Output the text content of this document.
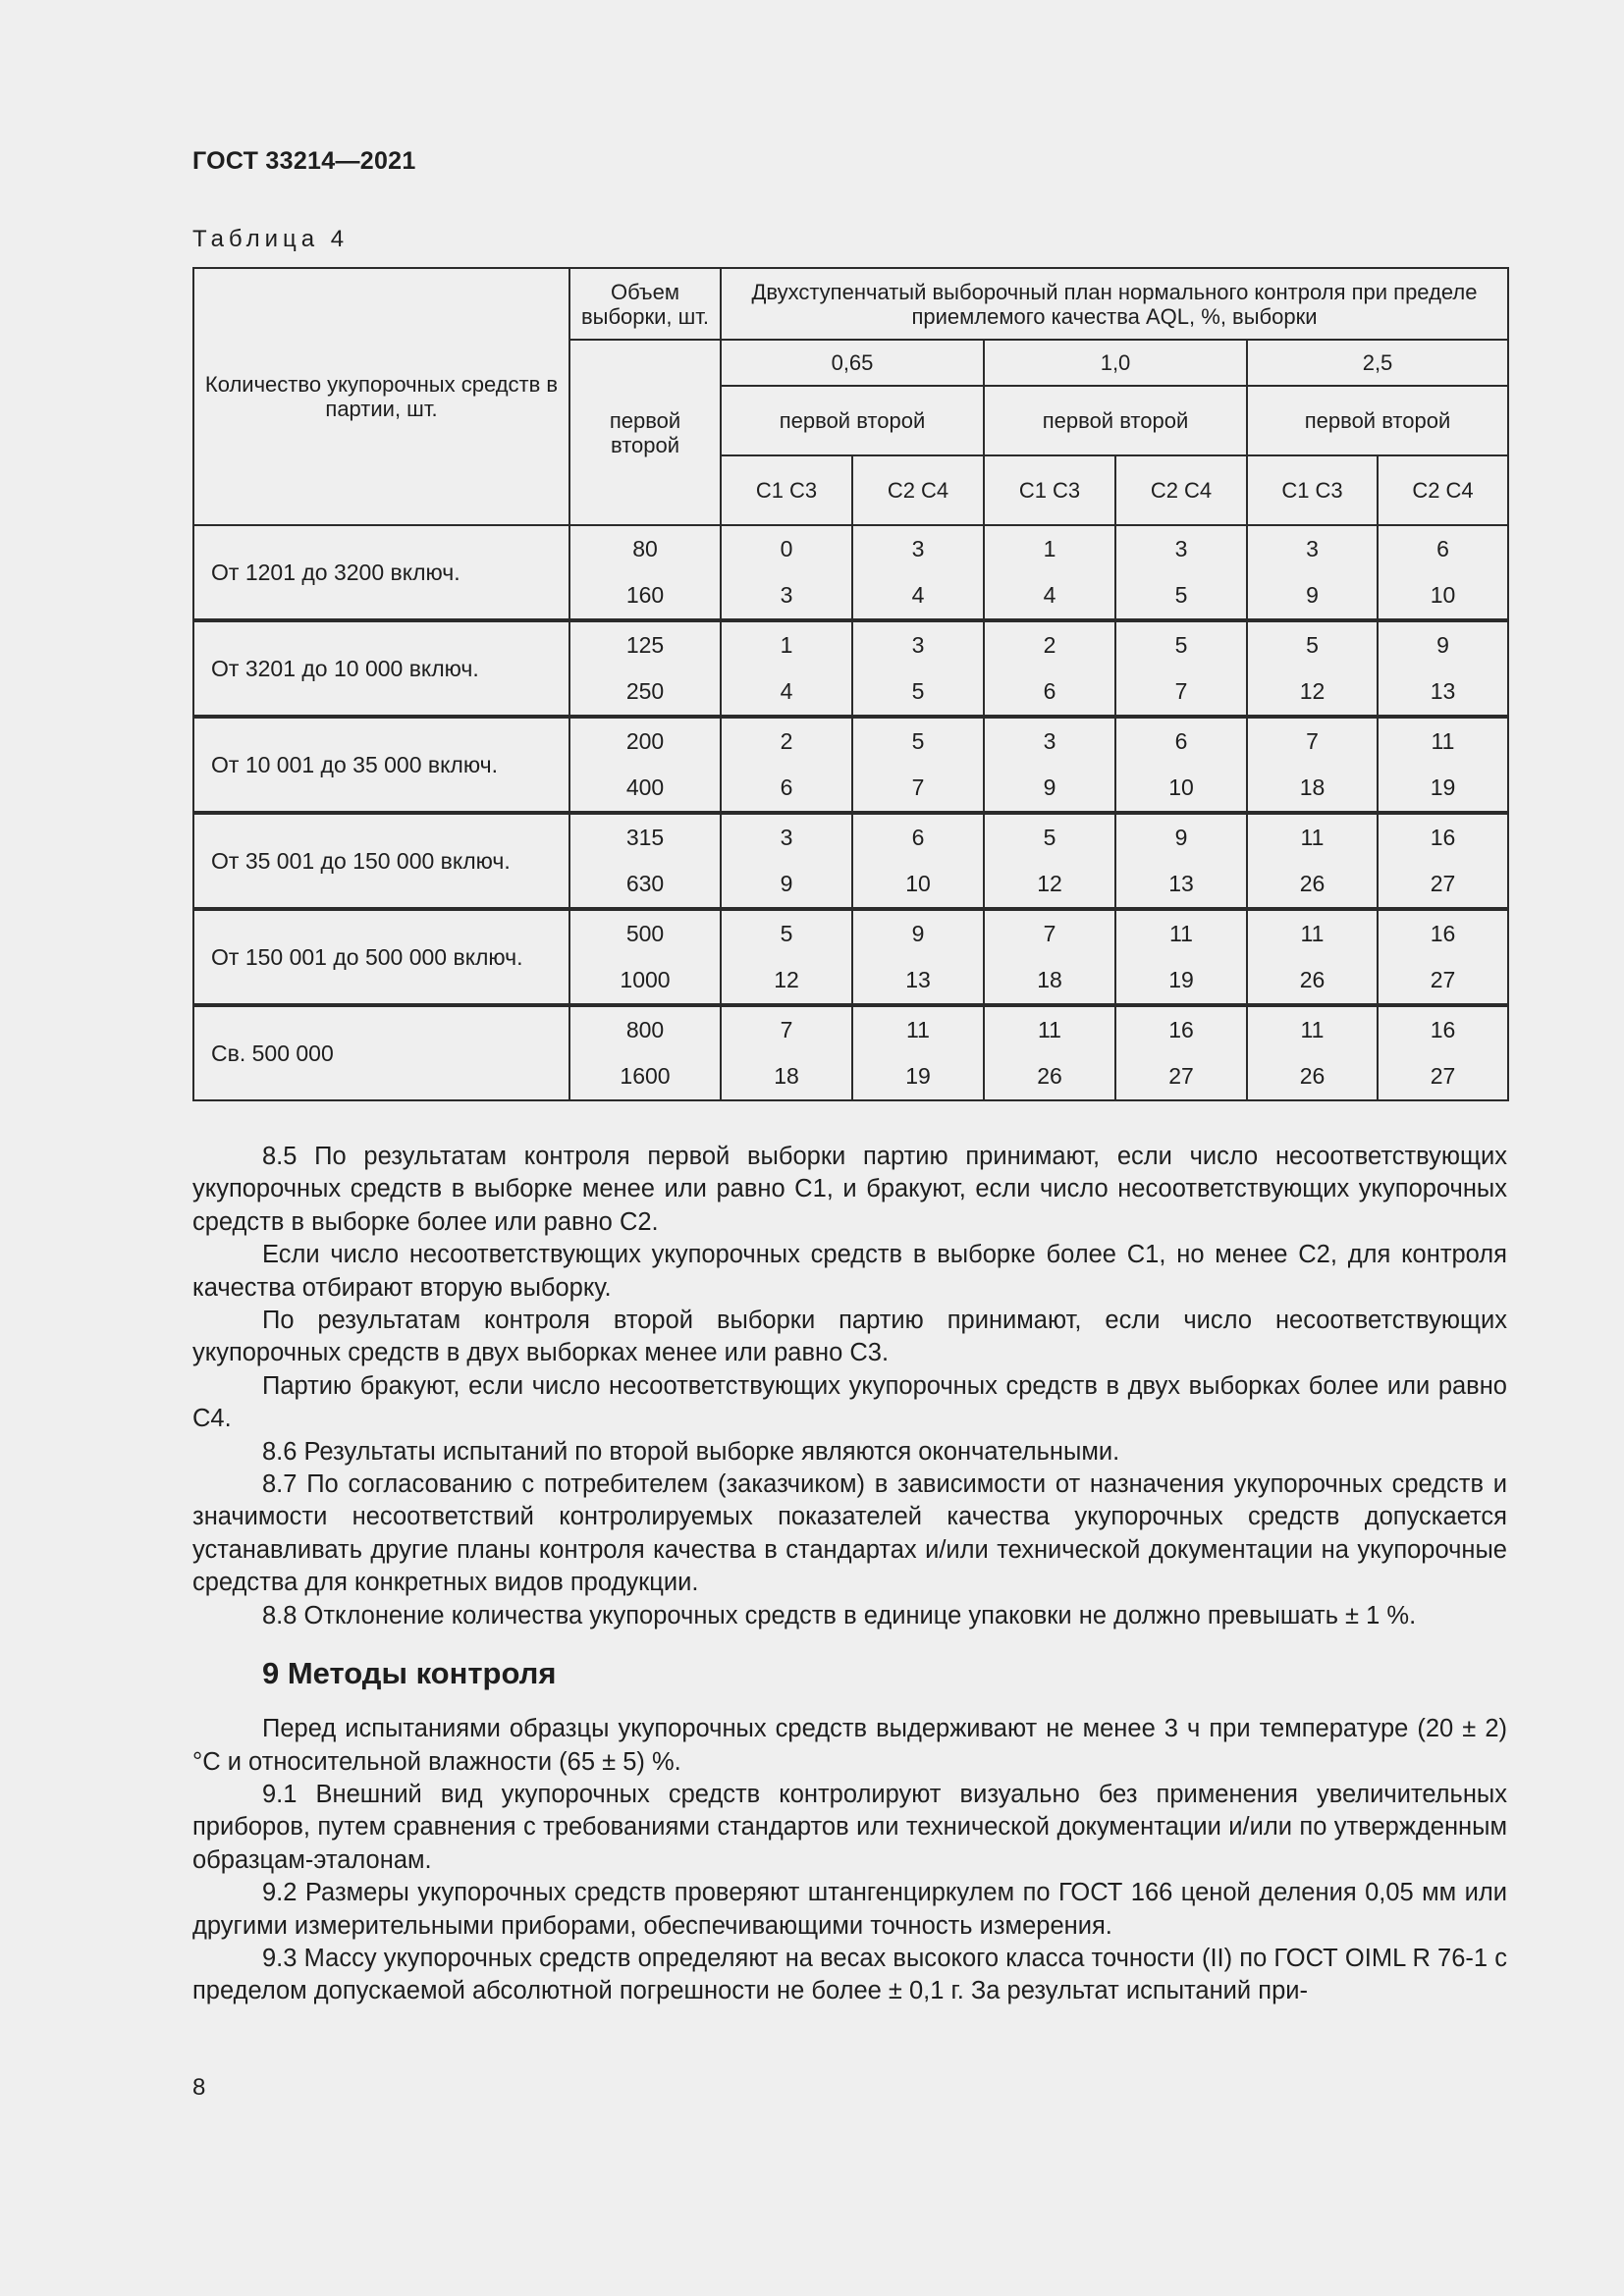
ГОСТ 33214—2021
Таблица 4
Количество укупорочных средств в партии, шт.	Объем выборки, шт.	Двухступенчатый выборочный план нормального контроля при пределе приемлемого качества AQL, %, выборки					
	первой второй	0,65		1,0		2,5	
		первой второй		первой второй		первой второй	
		C1 C3	C2 C4	C1 C3	C2 C4	C1 C3	C2 C4
От 1201 до 3200 включ.	80	0	3	1	3	3	6
	160	3	4	4	5	9	10
От 3201 до 10 000 включ.	125	1	3	2	5	5	9
	250	4	5	6	7	12	13
От 10 001 до 35 000 включ.	200	2	5	3	6	7	11
	400	6	7	9	10	18	19
От 35 001 до 150 000 включ.	315	3	6	5	9	11	16
	630	9	10	12	13	26	27
От 150 001 до 500 000 включ.	500	5	9	7	11	11	16
	1000	12	13	18	19	26	27
Св. 500 000	800	7	11	11	16	11	16
	1600	18	19	26	27	26	27

8.5 По результатам контроля первой выборки партию принимают, если число несоответствующих укупорочных средств в выборке менее или равно C1, и бракуют, если число несоответствующих укупорочных средств в выборке более или равно C2.

Если число несоответствующих укупорочных средств в выборке более C1, но менее C2, для контроля качества отбирают вторую выборку.

По результатам контроля второй выборки партию принимают, если число несоответствующих укупорочных средств в двух выборках менее или равно C3.

Партию бракуют, если число несоответствующих укупорочных средств в двух выборках более или равно C4.

8.6 Результаты испытаний по второй выборке являются окончательными.

8.7 По согласованию с потребителем (заказчиком) в зависимости от назначения укупорочных средств и значимости несоответствий контролируемых показателей качества укупорочных средств допускается устанавливать другие планы контроля качества в стандартах и/или технической документации на укупорочные средства для конкретных видов продукции.

8.8 Отклонение количества укупорочных средств в единице упаковки не должно превышать ± 1 %.

9 Методы контроля

Перед испытаниями образцы укупорочных средств выдерживают не менее 3 ч при температуре (20 ± 2) °C и относительной влажности (65 ± 5) %.

9.1 Внешний вид укупорочных средств контролируют визуально без применения увеличительных приборов, путем сравнения с требованиями стандартов или технической документации и/или по утвержденным образцам-эталонам.

9.2 Размеры укупорочных средств проверяют штангенциркулем по ГОСТ 166 ценой деления 0,05 мм или другими измерительными приборами, обеспечивающими точность измерения.

9.3 Массу укупорочных средств определяют на весах высокого класса точности (II) по ГОСТ OIML R 76-1 с пределом допускаемой абсолютной погрешности не более ± 0,1 г. За результат испытаний при-

8
